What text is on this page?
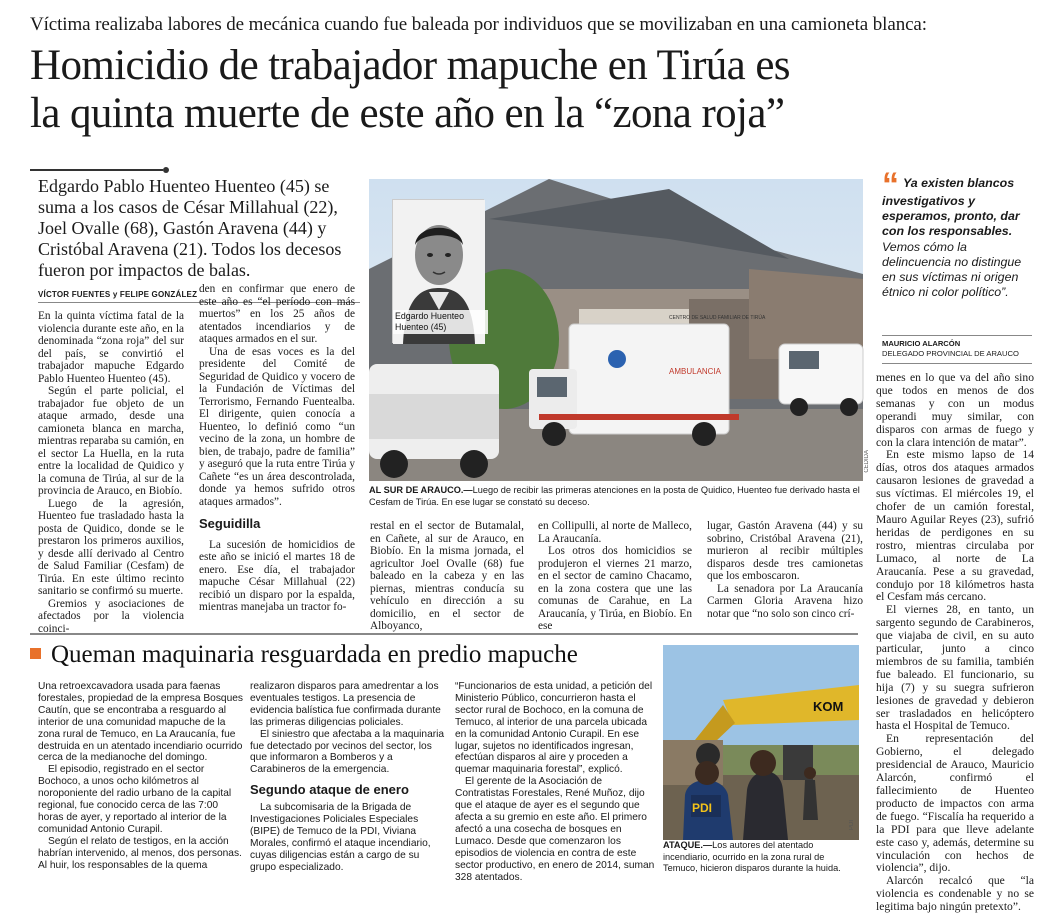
Víctima realizaba labores de mecánica cuando fue baleada por individuos que se movilizaban en una camioneta blanca:
Homicidio de trabajador mapuche en Tirúa es
la quinta muerte de este año en la “zona roja”
Edgardo Pablo Huenteo Huenteo (45) se suma a los casos de César Millahual (22), Joel Ovalle (68), Gastón Aravena (44) y Cristóbal Aravena (21). Todos los decesos fueron por impactos de balas.
VÍCTOR FUENTES y FELIPE GONZÁLEZ

En la quinta víctima fatal de la violencia durante este año, en la denominada “zona roja” del sur del país, se convirtió el trabajador mapuche Edgardo Pablo Huenteo Huenteo (45).

Según el parte policial, el trabajador fue objeto de un ataque armado, desde una camioneta blanca en marcha, mientras reparaba su camión, en el sector La Huella, en la ruta entre la localidad de Quidico y la comuna de Tirúa, al sur de la provincia de Arauco, en Biobío.

Luego de la agresión, Huenteo fue trasladado hasta la posta de Quidico, donde se le prestaron los primeros auxilios, y desde allí derivado al Centro de Salud Familiar (Cesfam) de Tirúa. En este último recinto sanitario se confirmó su muerte.

Gremios y asociaciones de afectados por la violencia coinci-

den en confirmar que enero de este año es “el período con más muertos” en los 25 años de atentados incendiarios y de ataques armados en el sur.

Una de esas voces es la del presidente del Comité de Seguridad de Quidico y vocero de la Fundación de Víctimas del Terrorismo, Fernando Fuentealba. El dirigente, quien conocía a Huenteo, lo definió como “un vecino de la zona, un hombre de bien, de trabajo, padre de familia” y aseguró que la ruta entre Tirúa y Cañete “es un área descontrolada, donde ya hemos sufrido otros ataques armados”.

Seguidilla

La sucesión de homicidios de este año se inició el martes 18 de enero. Ese día, el trabajador mapuche César Millahual (22) recibió un disparo por la espalda, mientras manejaba un tractor fo-

AMBULANCIA
CENTRO DE SALUD FAMILIAR DE TIRÚA
Edgardo Huenteo Huenteo (45)
CEDIDA
AL SUR DE ARAUCO.—Luego de recibir las primeras atenciones en la posta de Quidico, Huenteo fue derivado hasta el Cesfam de Tirúa. En ese lugar se constató su deceso.

restal en el sector de Butamalal, en Cañete, al sur de Arauco, en Biobío. En la misma jornada, el agricultor Joel Ovalle (68) fue baleado en la cabeza y en las piernas, mientras conducía su vehículo en dirección a su domicilio, en el sector de Alboyanco,

en Collipulli, al norte de Malleco, La Araucanía.

Los otros dos homicidios se produjeron el viernes 21 marzo, en el sector de camino Chacamo, en la zona costera que une las comunas de Carahue, en La Araucanía, y Tirúa, en Biobío. En ese

lugar, Gastón Aravena (44) y su sobrino, Cristóbal Aravena (21), murieron al recibir múltiples disparos desde tres camionetas que los emboscaron.

La senadora por La Araucanía Carmen Gloria Aravena hizo notar que “no solo son cinco crí-

“ Ya existen blancos investigativos y esperamos, pronto, dar con los responsables. Vemos cómo la delincuencia no distingue en sus víctimas ni origen étnico ni color político”.
MAURICIO ALARCÓN
DELEGADO PROVINCIAL DE ARAUCO

menes en lo que va del año sino que todos en menos de dos semanas y con un modus operandi muy similar, con disparos con armas de fuego y con la clara intención de matar”.

En este mismo lapso de 14 días, otros dos ataques armados causaron lesiones de gravedad a sus víctimas. El miércoles 19, el chofer de un camión forestal, Mauro Aguilar Reyes (23), sufrió heridas de perdigones en su rostro, mientras circulaba por Lumaco, al norte de La Araucanía. Pese a su gravedad, condujo por 18 kilómetros hasta el Cesfam más cercano.

El viernes 28, en tanto, un sargento segundo de Carabineros, que viajaba de civil, en su auto particular, junto a cinco miembros de su familia, también fue baleado. El funcionario, su hija (7) y su suegra sufrieron lesiones de gravedad y debieron ser trasladados en helicóptero hasta el Hospital de Temuco.

En representación del Gobierno, el delegado presidencial de Arauco, Mauricio Alarcón, confirmó el fallecimiento de Huenteo producto de impactos con arma de fuego. “Fiscalía ha requerido a la PDI para que lleve adelante este caso y, además, determine su vinculación con hechos de violencia”, dijo.

Alarcón recalcó que “la violencia es condenable y no se legitima bajo ningún pretexto”.

Queman maquinaria resguardada en predio mapuche

Una retroexcavadora usada para faenas forestales, propiedad de la empresa Bosques Cautín, que se encontraba a resguardo al interior de una comunidad mapuche de la zona rural de Temuco, en La Araucanía, fue destruida en un atentado incendiario ocurrido cerca de la medianoche del domingo.

El episodio, registrado en el sector Bochoco, a unos ocho kilómetros al noroponiente del radio urbano de la capital regional, fue conocido cerca de las 7:00 horas de ayer, y reportado al interior de la comunidad Antonio Curapil.

Según el relato de testigos, en la acción habrían intervenido, al menos, dos personas. Al huir, los responsables de la quema

realizaron disparos para amedrentar a los eventuales testigos. La presencia de evidencia balística fue confirmada durante las primeras diligencias policiales.

El siniestro que afectaba a la maquinaria fue detectado por vecinos del sector, los que informaron a Bomberos y a Carabineros de la emergencia.

Segundo ataque de enero

La subcomisaria de la Brigada de Investigaciones Policiales Especiales (BIPE) de Temuco de la PDI, Viviana Morales, confirmó el ataque incendiario, cuyas diligencias están a cargo de su grupo especializado.

“Funcionarios de esta unidad, a petición del Ministerio Público, concurrieron hasta el sector rural de Bochoco, en la comuna de Temuco, al interior de una parcela ubicada en la comunidad Antonio Curapil. En ese lugar, sujetos no identificados ingresan, efectúan disparos al aire y proceden a quemar maquinaria forestal”, explicó.

El gerente de la Asociación de Contratistas Forestales, René Muñoz, dijo que el ataque de ayer es el segundo que afecta a su gremio en este año. El primero afectó a una cosecha de bosques en Lumaco. Desde que comenzaron los episodios de violencia en contra de este sector productivo, en enero de 2014, suman 328 atentados.

KOM
PDI
PDI
ATAQUE.—Los autores del atentado incendiario, ocurrido en la zona rural de Temuco, hicieron disparos durante la huida.
